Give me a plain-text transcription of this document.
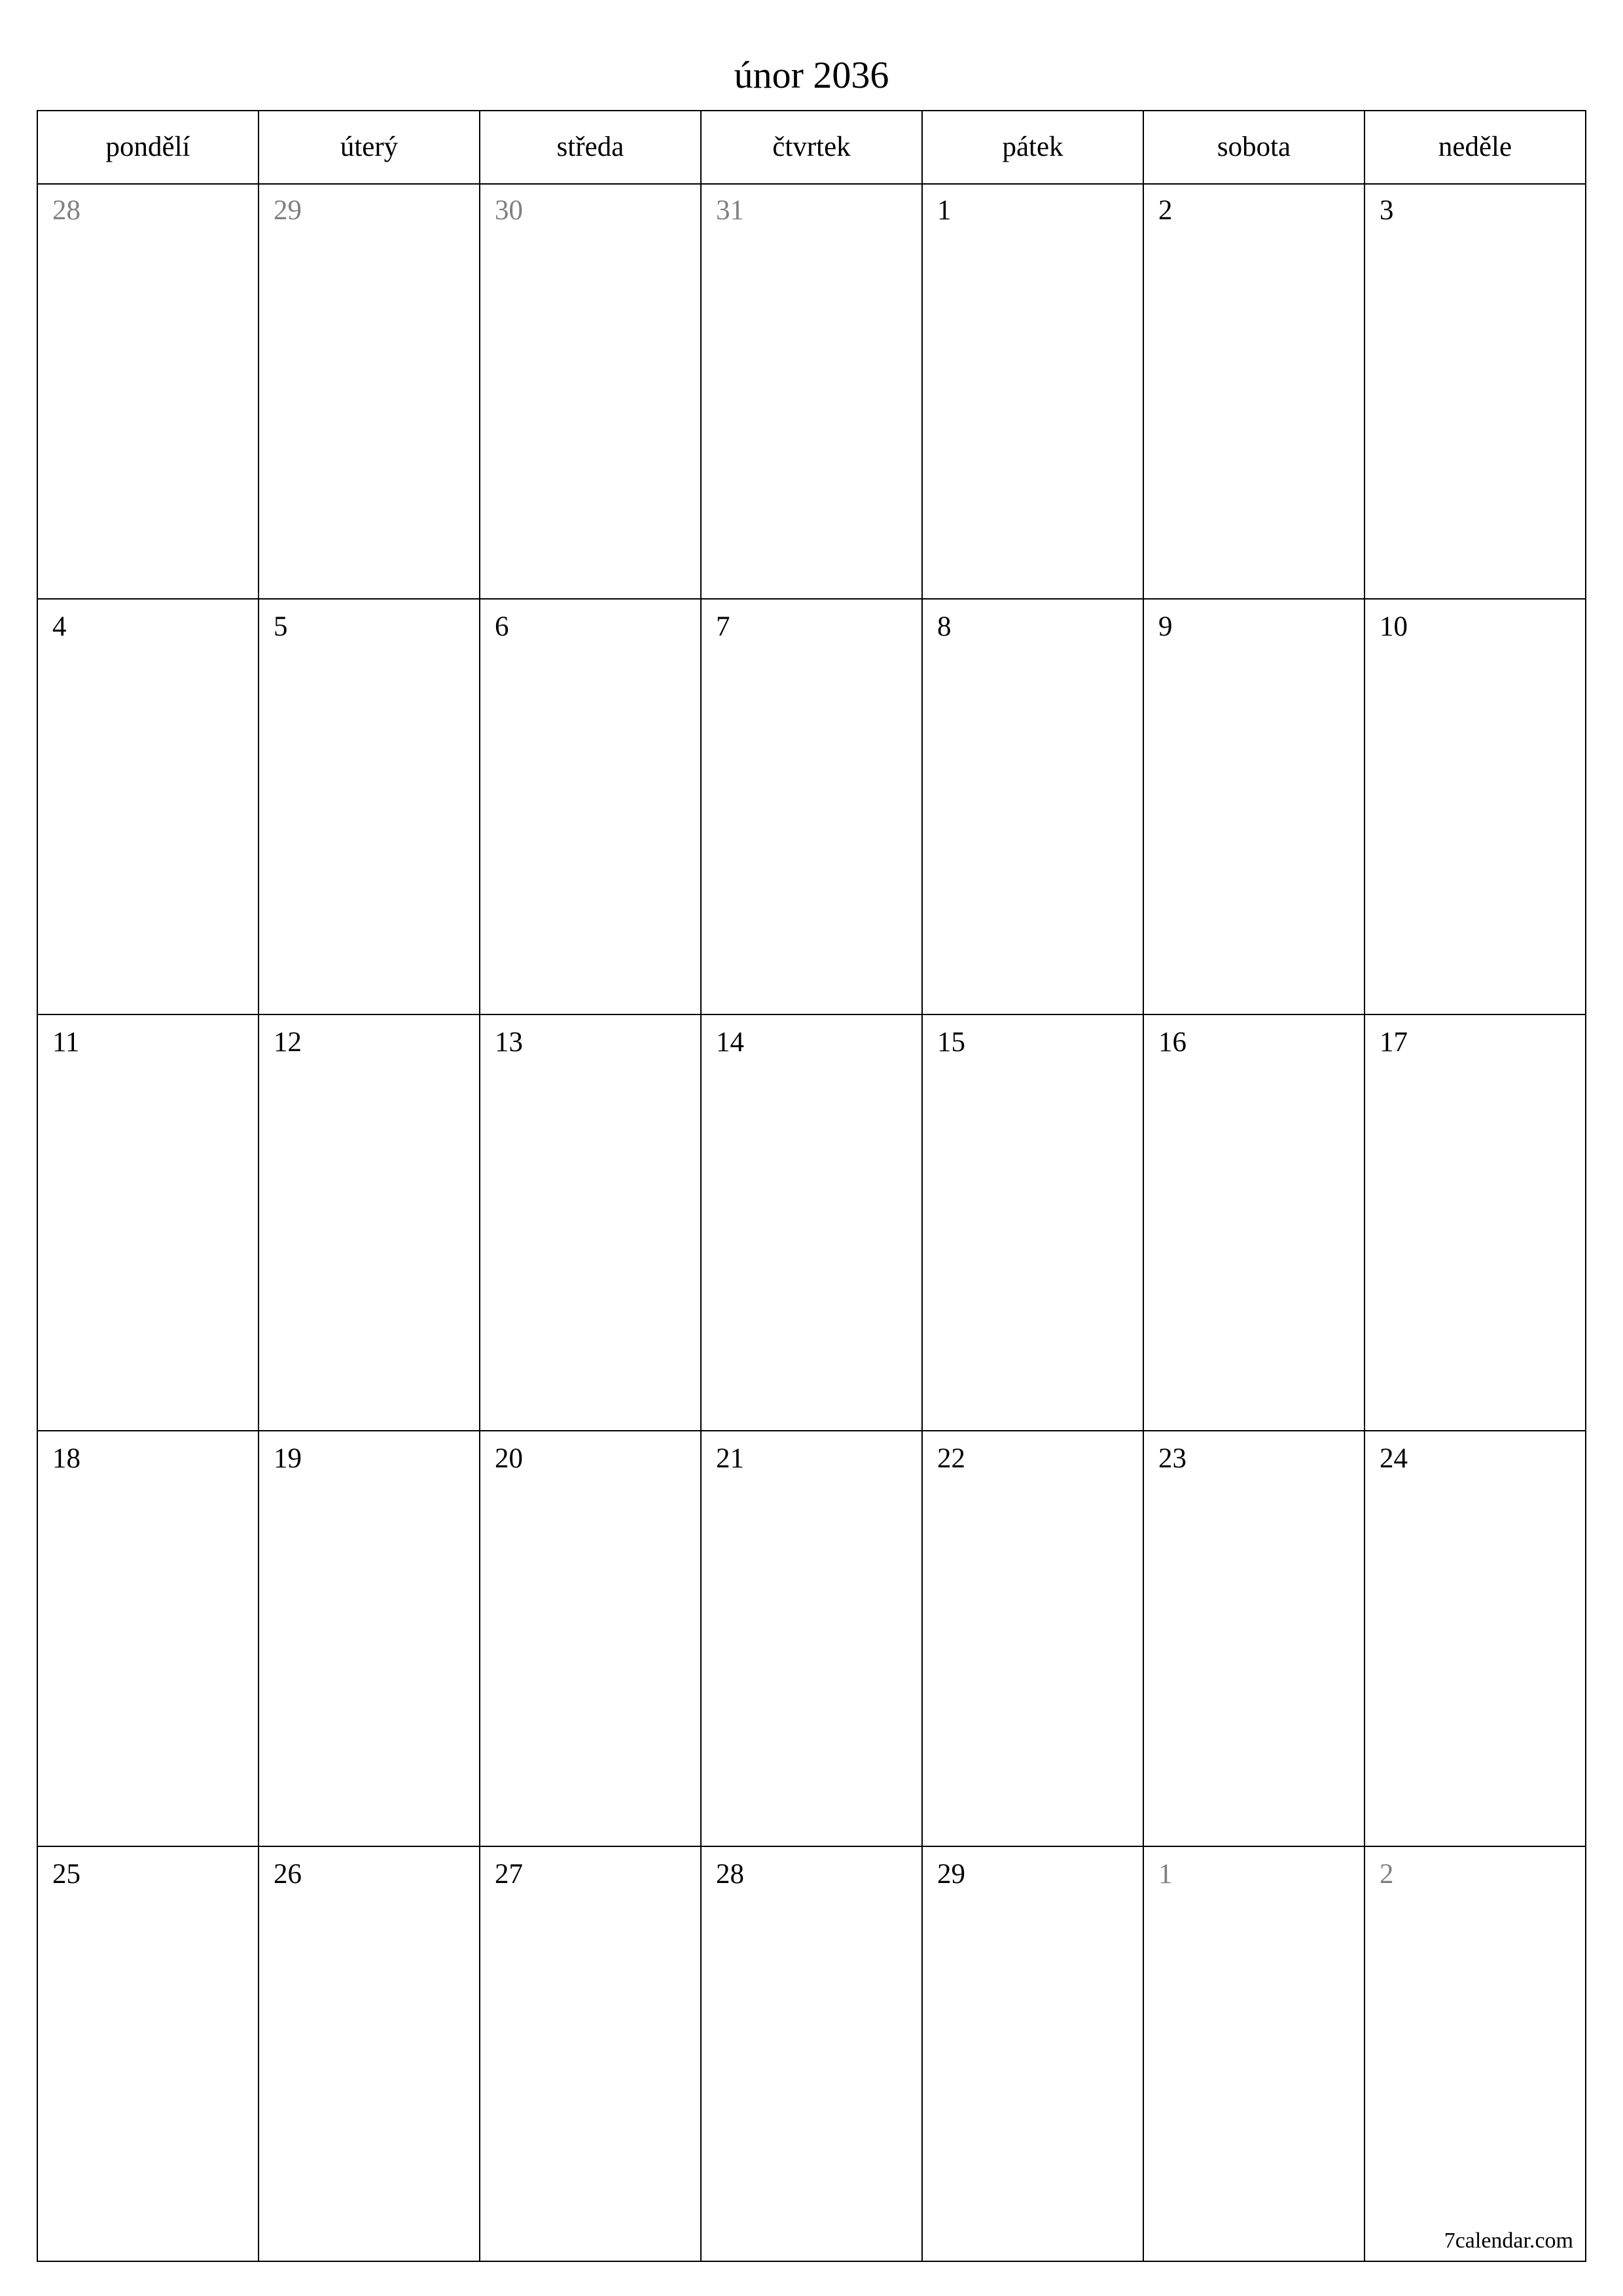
únor 2036
pondělí	úterý	středa	čtvrtek	pátek	sobota	neděle
28	29	30	31	1	2	3
4	5	6	7	8	9	10
11	12	13	14	15	16	17
18	19	20	21	22	23	24
25	26	27	28	29	1	2
7calendar.com
